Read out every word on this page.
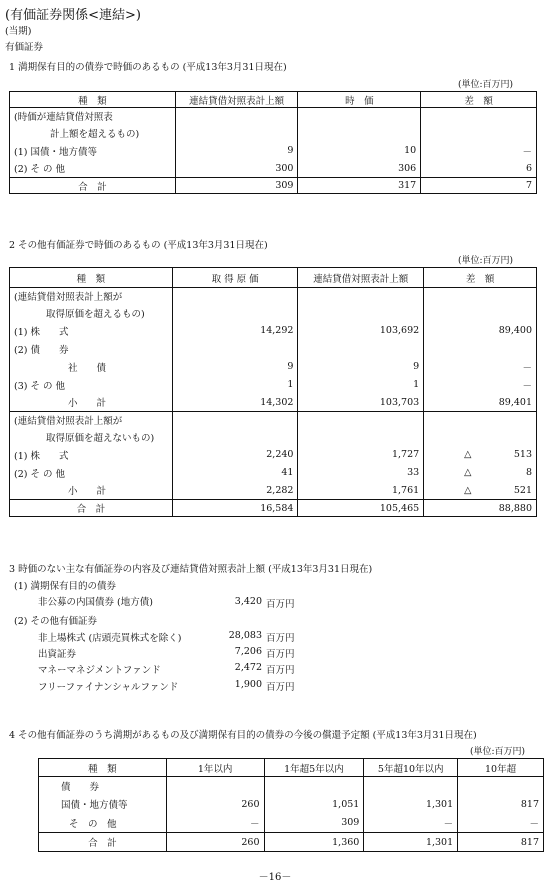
(有価証券関係<連結>)
(当期)
有価証券
1 満期保有目的の債券で時価のあるもの (平成13年3月31日現在)
(単位:百万円)
種　類	連結貸借対照表計上額	時　価	差　額
(時価が連結貸借対照表			
計上額を超えるもの)			
(1) 国債・地方債等	9	10	－
(2) そ の 他	300	306	6
合　計	309	317	7
2 その他有価証券で時価のあるもの (平成13年3月31日現在)
(単位:百万円)
種　類	取 得 原 価	連結貸借対照表計上額	差　額
(連結貸借対照表計上額が			
取得原価を超えるもの)			
(1) 株　　式	14,292	103,692	89,400
(2) 債　　券			
社　　債	9	9	－
(3) そ の 他	1	1	－
小　　計	14,302	103,703	89,401
(連結貸借対照表計上額が			
取得原価を超えないもの)			
(1) 株　　式	2,240	1,727	△ 513
(2) そ の 他	41	33	△ 8
小　　計	2,282	1,761	△ 521
合　計	16,584	105,465	88,880
3 時価のない主な有価証券の内容及び連結貸借対照表計上額 (平成13年3月31日現在)
(1) 満期保有目的の債券
非公募の内国債券 (地方債)	3,420 百万円
(2) その他有価証券
非上場株式 (店頭売買株式を除く)	28,083 百万円
出資証券	7,206 百万円
マネーマネジメントファンド	2,472 百万円
フリーファイナンシャルファンド	1,900 百万円
4 その他有価証券のうち満期があるもの及び満期保有目的の債券の今後の償還予定額 (平成13年3月31日現在)
(単位:百万円)
種　類	1年以内	1年超5年以内	5年超10年以内	10年超
債　　券				
国債・地方債等	260	1,051	1,301	817
そ　の　他	－	309	－	－
合　計	260	1,360	1,301	817
－16－
